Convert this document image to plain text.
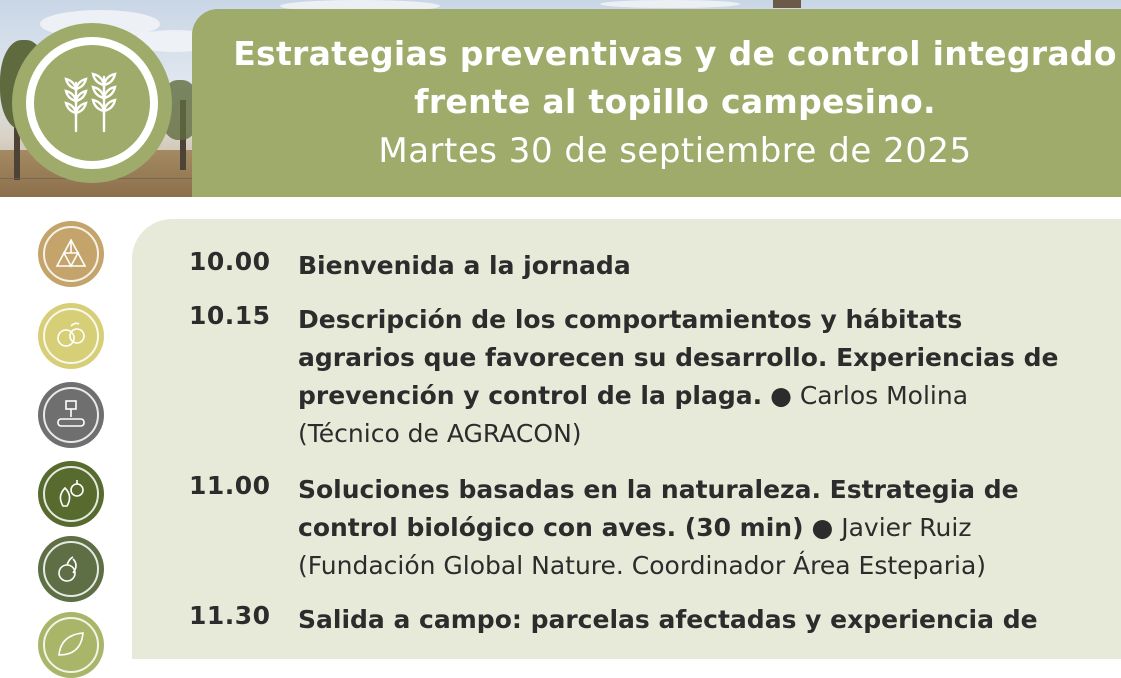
Estrategias preventivas y de control integrado
frente al topillo campesino.
Martes 30 de septiembre de 2025
10.00 Bienvenida a la jornada
10.15 Descripción de los comportamientos y hábitats
agrarios que favorecen su desarrollo. Experiencias de
prevención y control de la plaga. ● Carlos Molina
(Técnico de AGRACON)
11.00 Soluciones basadas en la naturaleza. Estrategia de
control biológico con aves. (30 min) ● Javier Ruiz
(Fundación Global Nature. Coordinador Área Esteparia)
11.30 Salida a campo: parcelas afectadas y experiencia de
